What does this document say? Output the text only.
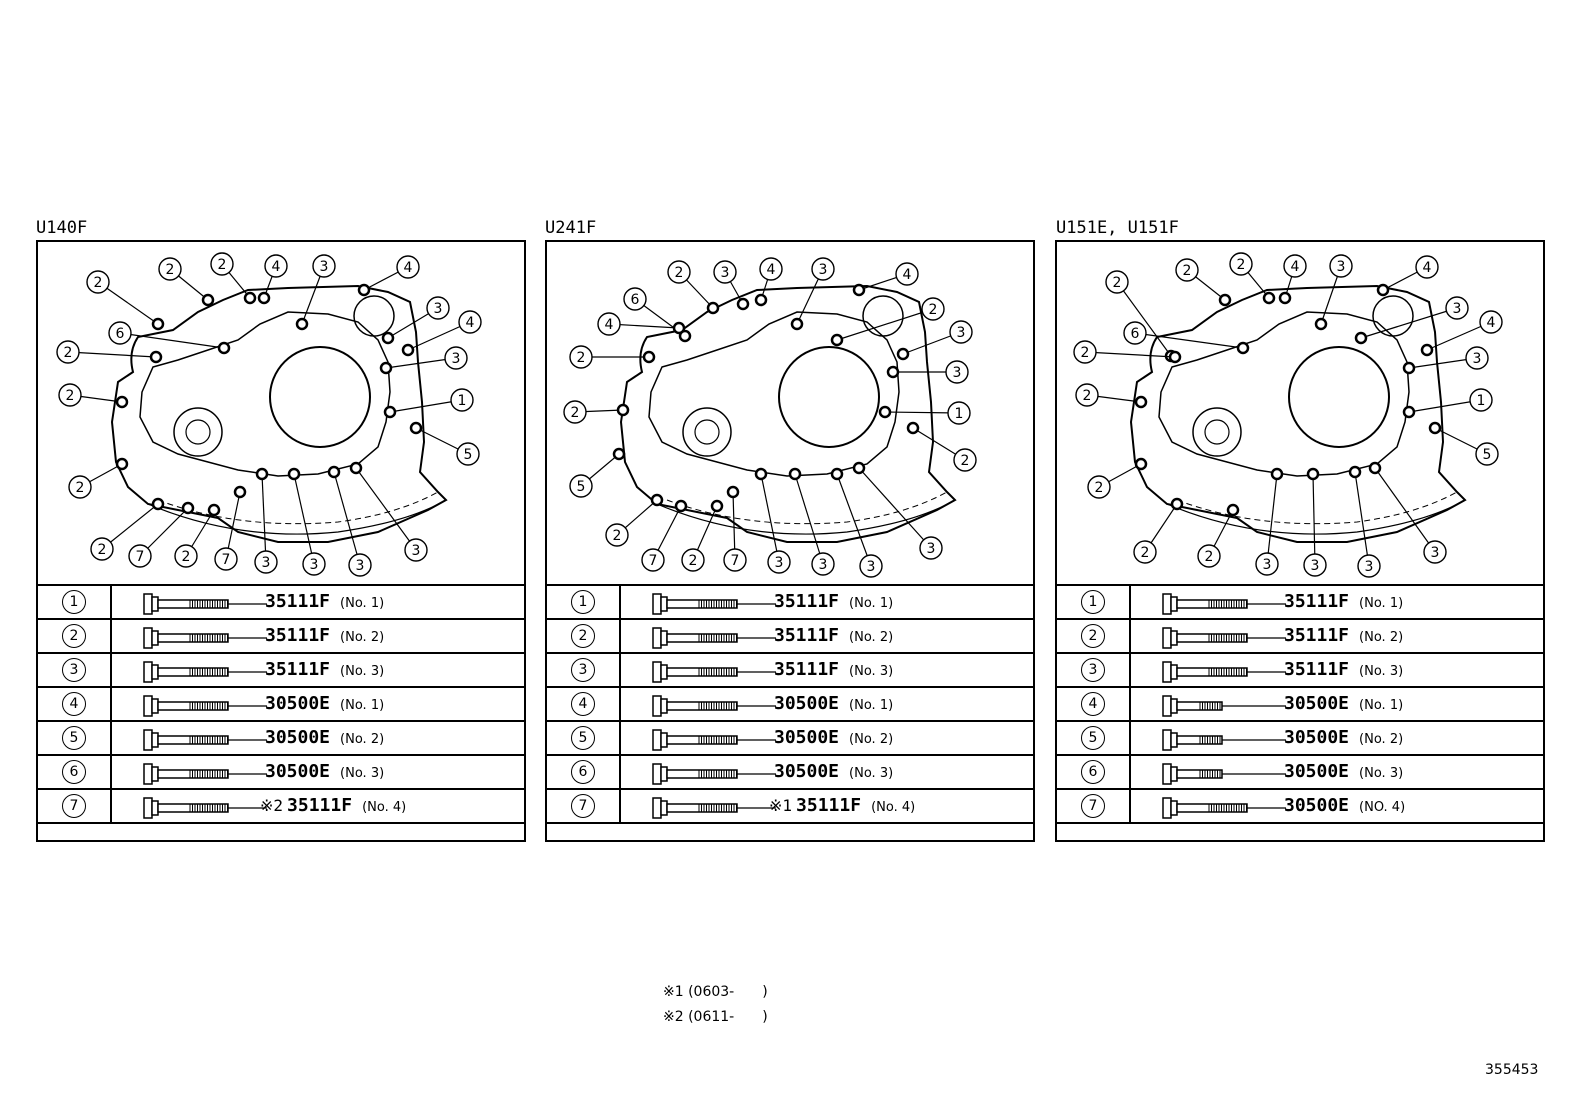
U140F
2
2	2	4	3	4
3
4
6
2	3
2	1
5
2
2 7	2 7 3	3	3
3
1	35111F (No. 1)

2	35111F (No. 2)

3	35111F (No. 3)

4	30500E (No. 1)

5	30500E (No. 2)

6	30500E (No. 3)

7	※2 35111F (No. 4)
U241F
6
2	3	4	3	4
2
3
4
2
3
2	1
2
5
2
7 2 7	3	3	3
3
1	35111F (No. 1)

2	35111F (No. 2)

3	35111F (No. 3)

4	30500E (No. 1)

5	30500E (No. 2)

6	30500E (No. 3)

7	※1 35111F (No. 4)
U151E, U151F
2
2	2	4	3	4
6
3
4
2	3
2	1
5
2
2	2	3	3	3
3
1	35111F (No. 1)

2	35111F (No. 2)

3	35111F (No. 3)

4	30500E (No. 1)

5	30500E (No. 2)

6	30500E (No. 3)

7	30500E (NO. 4)
※1 (0603-　　)
※2 (0611-　　)
355453
